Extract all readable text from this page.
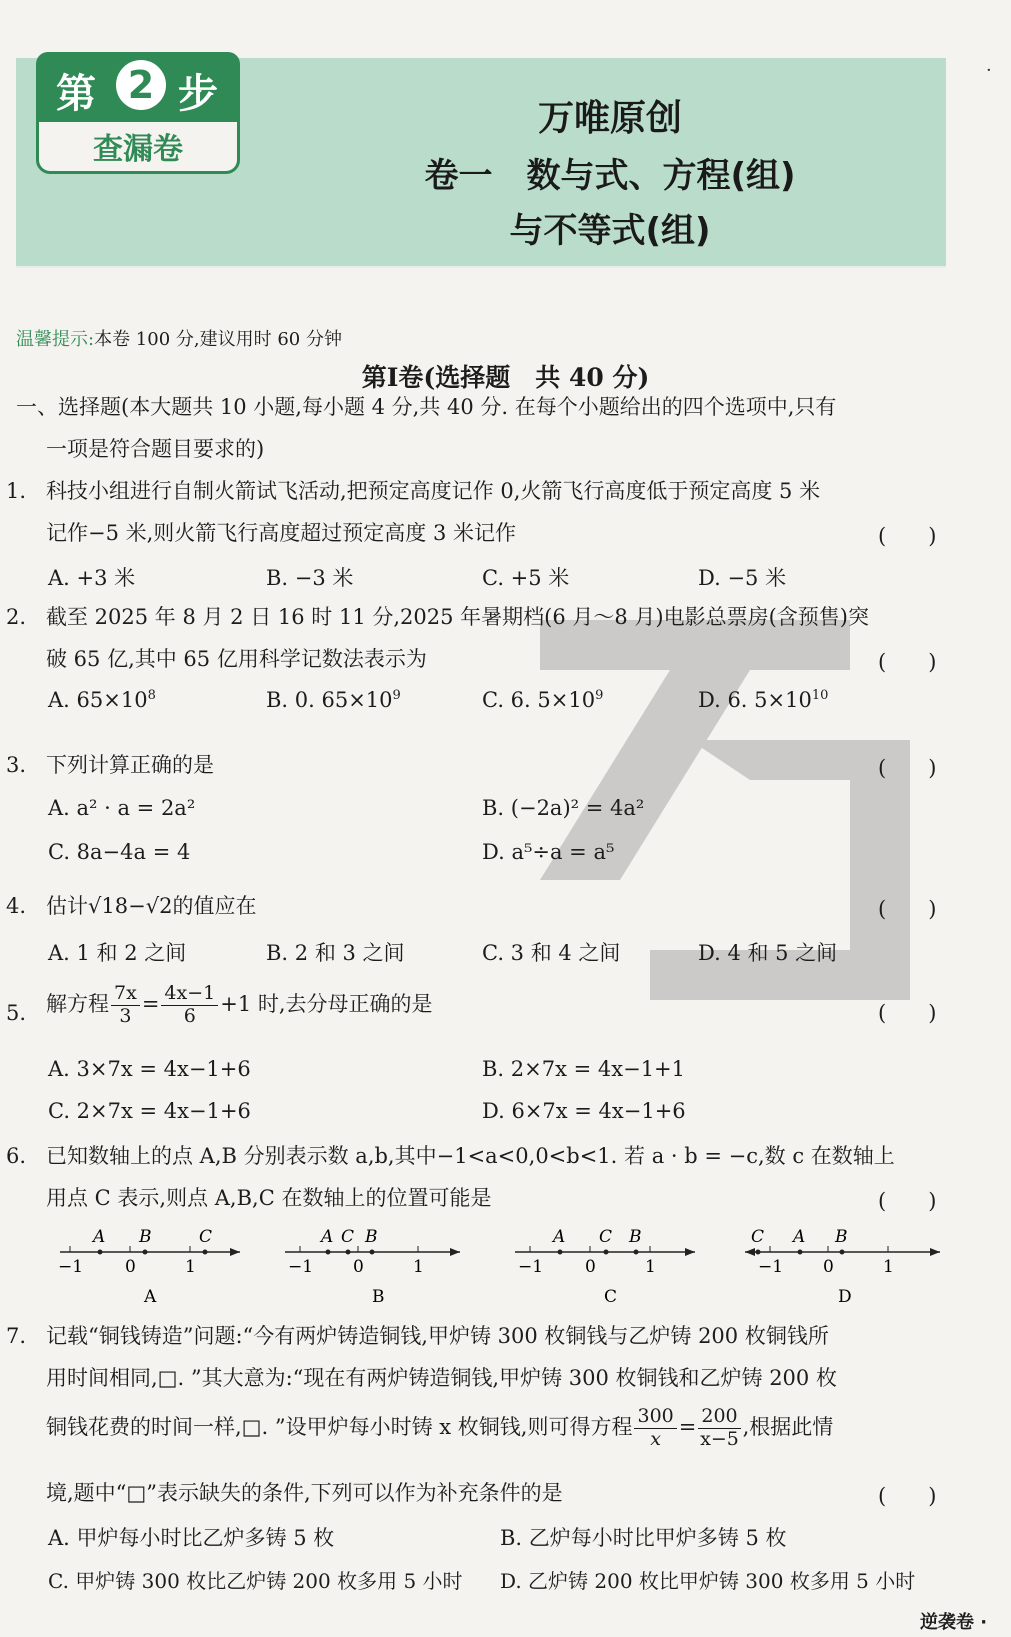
第 2 步
查漏卷
万唯原创
卷一　数与式、方程(组)
与不等式(组)
·
温馨提示:本卷 100 分,建议用时 60 分钟
第Ⅰ卷(选择题　共 40 分)
一、选择题(本大题共 10 小题,每小题 4 分,共 40 分. 在每个小题给出的四个选项中,只有
一项是符合题目要求的)
1. 科技小组进行自制火箭试飞活动,把预定高度记作 0,火箭飞行高度低于预定高度 5 米
记作−5 米,则火箭飞行高度超过预定高度 3 米记作	(　　)
A. +3 米	B. −3 米	C. +5 米	D. −5 米
2. 截至 2025 年 8 月 2 日 16 时 11 分,2025 年暑期档(6 月～8 月)电影总票房(含预售)突
破 65 亿,其中 65 亿用科学记数法表示为	(　　)
A. $65\times 10^8$	B. 0. $65\times 10^9$	C. 6. $5\times 10^9$	D. 6. $5\times 10^{10}$
3. 下列计算正确的是	(　　)
A. a² · a = 2a²	B. (−2a)² = 4a²
C. 8a−4a = 4	D. a⁵÷a = a⁵
4. 估计√18−√2的值应在	(　　)
A. 1 和 2 之间	B. 2 和 3 之间	C. 3 和 4 之间	D. 4 和 5 之间
5. 解方程 $\frac{7x}{3} = \frac{4x-1}{6} +1$ 时,去分母正确的是	(　　)
A. 3×7x = 4x−1+6	B. 2×7x = 4x−1+1
C. 2×7x = 4x−1+6	D. 6×7x = 4x−1+6
6. 已知数轴上的点 A,B 分别表示数 a,b,其中−1<a<0,0<b<1. 若 a · b = −c,数 c 在数轴上
用点 C 表示,则点 A,B,C 在数轴上的位置可能是	(　　)
A B	C
−1 0	1
A
A C B
−1 0	1
B
A C B
−1 0	1
C
C A B
−1 0	1
D
7. 记载“铜钱铸造”问题:“今有两炉铸造铜钱,甲炉铸 300 枚铜钱与乙炉铸 200 枚铜钱所
用时间相同,□. ”其大意为:“现在有两炉铸造铜钱,甲炉铸 300 枚铜钱和乙炉铸 200 枚
铜钱花费的时间一样,□. ”设甲炉每小时铸 x 枚铜钱,则可得方程 $\frac{300}{x} = \frac{200}{x-5}$ ,根据此情
境,题中“□”表示缺失的条件,下列可以作为补充条件的是	(　　)
A. 甲炉每小时比乙炉多铸 5 枚	B. 乙炉每小时比甲炉多铸 5 枚
C. 甲炉铸 300 枚比乙炉铸 200 枚多用 5 小时 D. 乙炉铸 200 枚比甲炉铸 300 枚多用 5 小时
逆袭卷 ·
